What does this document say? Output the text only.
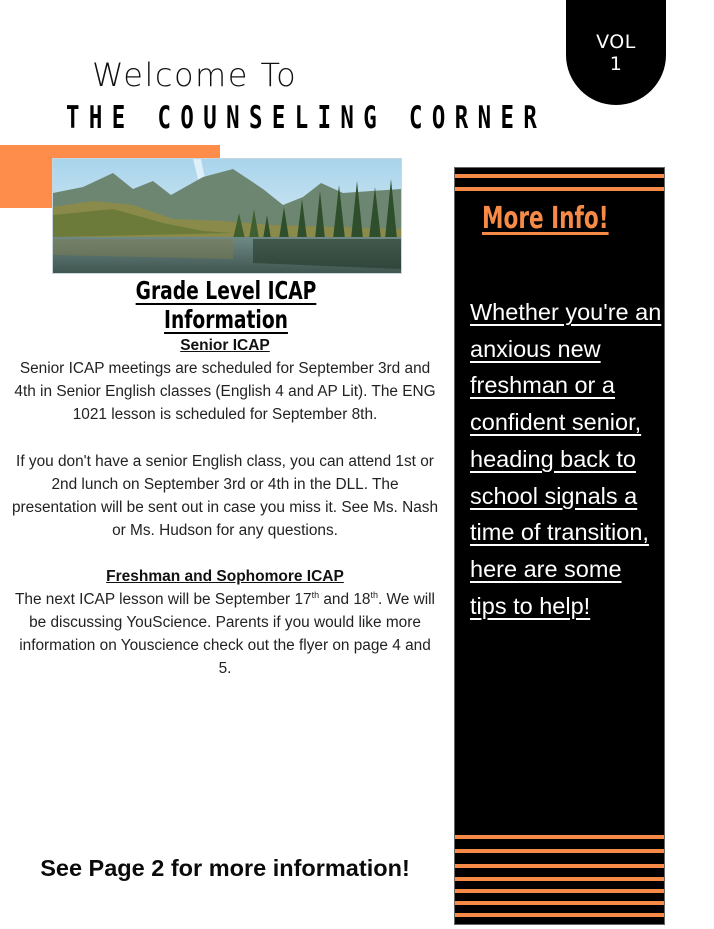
VOL
1
Welcome To
THE COUNSELING CORNER
Grade Level ICAP Information
Senior ICAP

Senior ICAP meetings are scheduled for September 3rd and 4th in Senior English classes (English 4 and AP Lit). The ENG 1021 lesson is scheduled for September 8th.

If you don't have a senior English class, you can attend 1st or 2nd lunch on September 3rd or 4th in the DLL. The presentation will be sent out in case you miss it. See Ms. Nash or Ms. Hudson for any questions.

Freshman and Sophomore ICAP

The next ICAP lesson will be September 17th and 18th. We will be discussing YouScience. Parents if you would like more information on Youscience check out the flyer on page 4 and 5.

See Page 2 for more information!
More Info!
Whether you're an anxious new freshman or a confident senior, heading back to school signals a time of transition, here are some tips to help!
